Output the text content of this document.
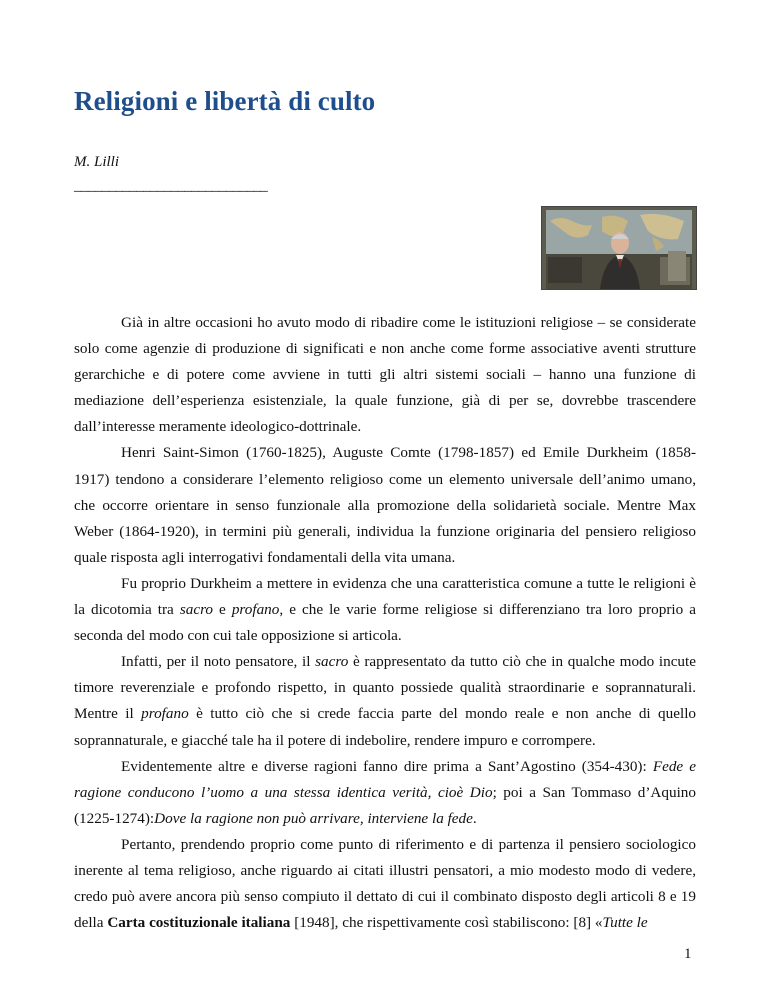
Religioni e libertà di culto
M. Lilli
____________________________

Già in altre occasioni ho avuto modo di ribadire come le istituzioni religiose – se considerate solo come agenzie di produzione di significati e non anche come forme associative aventi strutture gerarchiche e di potere come avviene in tutti gli altri sistemi sociali – hanno una funzione di mediazione dell’esperienza esistenziale, la quale funzione, già di per se, dovrebbe trascendere dall’interesse meramente ideologico-dottrinale.

Henri Saint-Simon (1760-1825), Auguste Comte (1798-1857) ed Emile Durkheim (1858-1917) tendono a considerare l’elemento religioso come un elemento universale dell’animo umano, che occorre orientare in senso funzionale alla promozione della solidarietà sociale. Mentre Max Weber (1864-1920), in termini più generali, individua la funzione originaria del pensiero religioso quale risposta agli interrogativi fondamentali della vita umana.

Fu proprio Durkheim a mettere in evidenza che una caratteristica comune a tutte le religioni è la dicotomia tra sacro e profano, e che le varie forme religiose si differenziano tra loro proprio a seconda del modo con cui tale opposizione si articola.

Infatti, per il noto pensatore, il sacro è rappresentato da tutto ciò che in qualche modo incute timore reverenziale e profondo rispetto, in quanto possiede qualità straordinarie e soprannaturali. Mentre il profano è tutto ciò che si crede faccia parte del mondo reale e non anche di quello soprannaturale, e giacché tale ha il potere di indebolire, rendere impuro e corrompere.

Evidentemente altre e diverse ragioni fanno dire prima a Sant’Agostino (354-430): Fede e ragione conducono l’uomo a una stessa identica verità, cioè Dio; poi a San Tommaso d’Aquino (1225-1274):Dove la ragione non può arrivare, interviene la fede.

Pertanto, prendendo proprio come punto di riferimento e di partenza il pensiero sociologico inerente al tema religioso, anche riguardo ai citati illustri pensatori, a mio modesto modo di vedere, credo può avere ancora più senso compiuto il dettato di cui il combinato disposto degli articoli 8 e 19 della Carta costituzionale italiana [1948], che rispettivamente così stabiliscono: [8] «Tutte le

1
